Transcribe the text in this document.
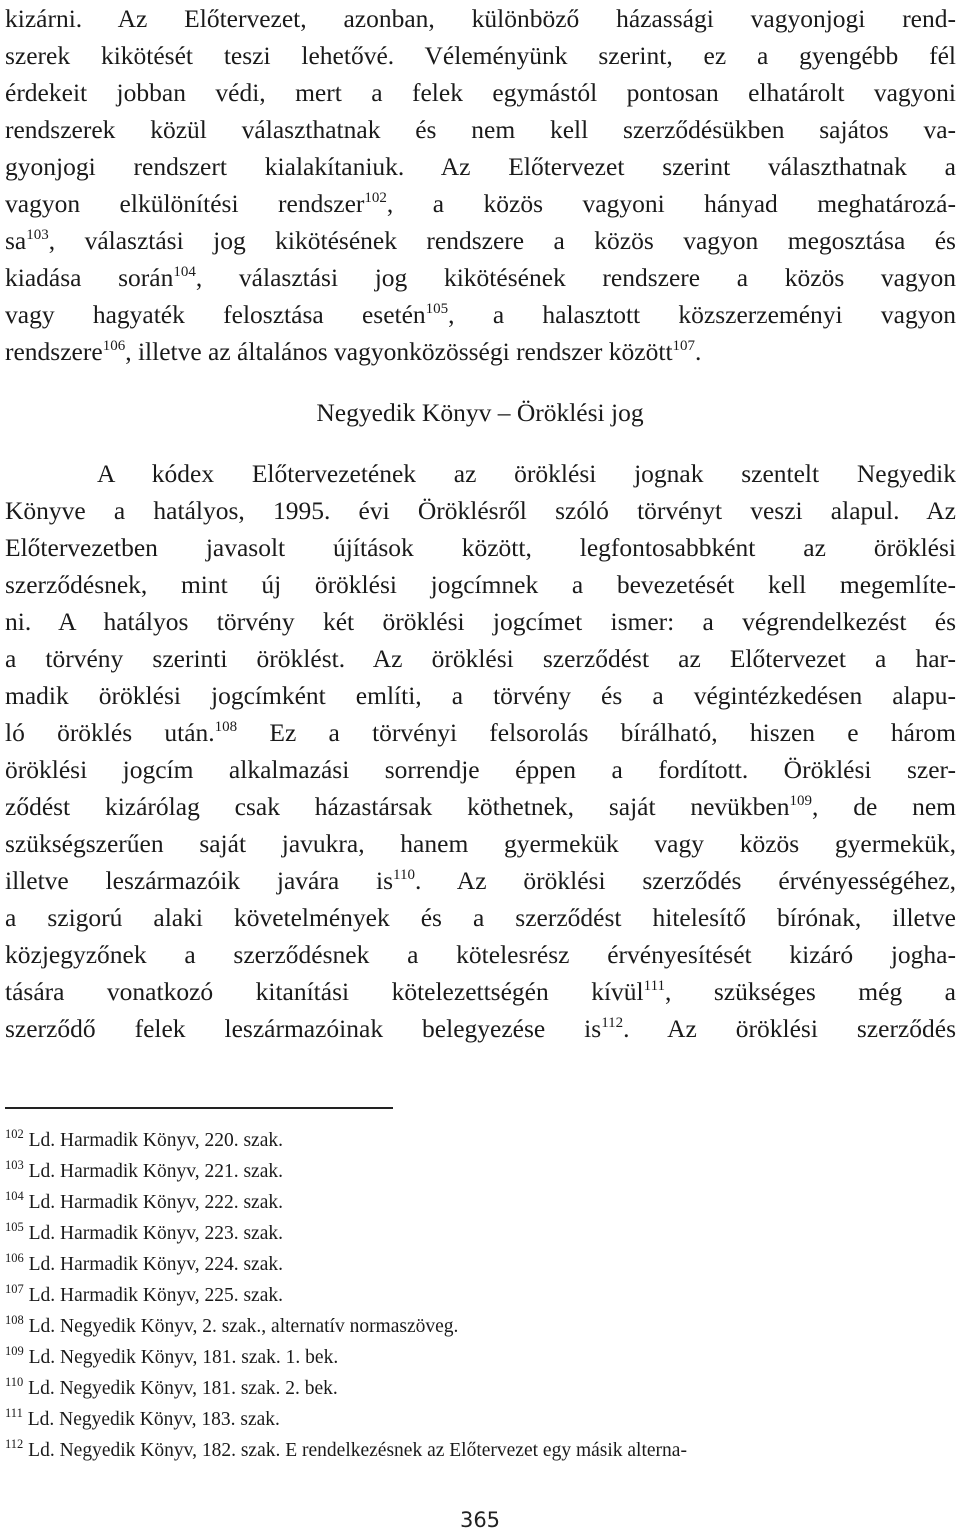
kizárni. Az Előtervezet, azonban, különböző házassági vagyonjogi rend-
szerek kikötését teszi lehetővé. Véleményünk szerint, ez a gyengébb fél
érdekeit jobban védi, mert a felek egymástól pontosan elhatárolt vagyoni
rendszerek közül választhatnak és nem kell szerződésükben sajátos va-
gyonjogi rendszert kialakítaniuk. Az Előtervezet szerint választhatnak a
vagyon elkülönítési rendszer$^{102}$, a közös vagyoni hányad meghatározá-
$sa^{103}$, választási jog kikötésének rendszere a közös vagyon megosztása és
kiadása során$^{104}$, választási jog kikötésének rendszere a közös vagyon
vagy hagyaték felosztása esetén$^{105}$, a halasztott közszerzeményi vagyon
rendszere$^{106}$, illetve az általános vagyonközösségi rendszer között$^{107}$.
Negyedik Könyv – Öröklési jog
A kódex Előtervezetének az öröklési jognak szentelt Negyedik
Könyve a hatályos, 1995. évi Öröklésről szóló törvényt veszi alapul. Az
Előtervezetben javasolt újítások között, legfontosabbként az öröklési
szerződésnek, mint új öröklési jogcímnek a bevezetését kell megemlíte-
ni. A hatályos törvény két öröklési jogcímet ismer: a végrendelkezést és
a törvény szerinti öröklést. Az öröklési szerződést az Előtervezet a har-
madik öröklési jogcímként említi, a törvény és a végintézkedésen alapu-
ló öröklés után.$^{108}$ Ez a törvényi felsorolás bírálható, hiszen e három
öröklési jogcím alkalmazási sorrendje éppen a fordított. Öröklési szer-
ződést kizárólag csak házastársak köthetnek, saját nevükben$^{109}$, de nem
szükségszerűen saját javukra, hanem gyermekük vagy közös gyermekük,
illetve leszármazóik javára $is^{110}$. Az öröklési szerződés érvényességéhez,
a szigorú alaki követelmények és a szerződést hitelesítő bírónak, illetve
közjegyzőnek a szerződésnek a kötelesrész érvényesítését kizáró jogha-
tására vonatkozó kitanítási kötelezettségén kívül$^{111}$, szükséges még a
szerződő felek leszármazóinak belegyezése $is^{112}$. Az öröklési szerződés
$^{102}$ Ld. Harmadik Könyv, 220. szak.
$^{103}$ Ld. Harmadik Könyv, 221. szak.
$^{104}$ Ld. Harmadik Könyv, 222. szak.
$^{105}$ Ld. Harmadik Könyv, 223. szak.
$^{106}$ Ld. Harmadik Könyv, 224. szak.
$^{107}$ Ld. Harmadik Könyv, 225. szak.
$^{108}$ Ld. Negyedik Könyv, 2. szak., alternatív normaszöveg.
$^{109}$ Ld. Negyedik Könyv, 181. szak. 1. bek.
$^{110}$ Ld. Negyedik Könyv, 181. szak. 2. bek.
$^{111}$ Ld. Negyedik Könyv, 183. szak.
$^{112}$ Ld. Negyedik Könyv, 182. szak. E rendelkezésnek az Előtervezet egy másik alterna-
365
